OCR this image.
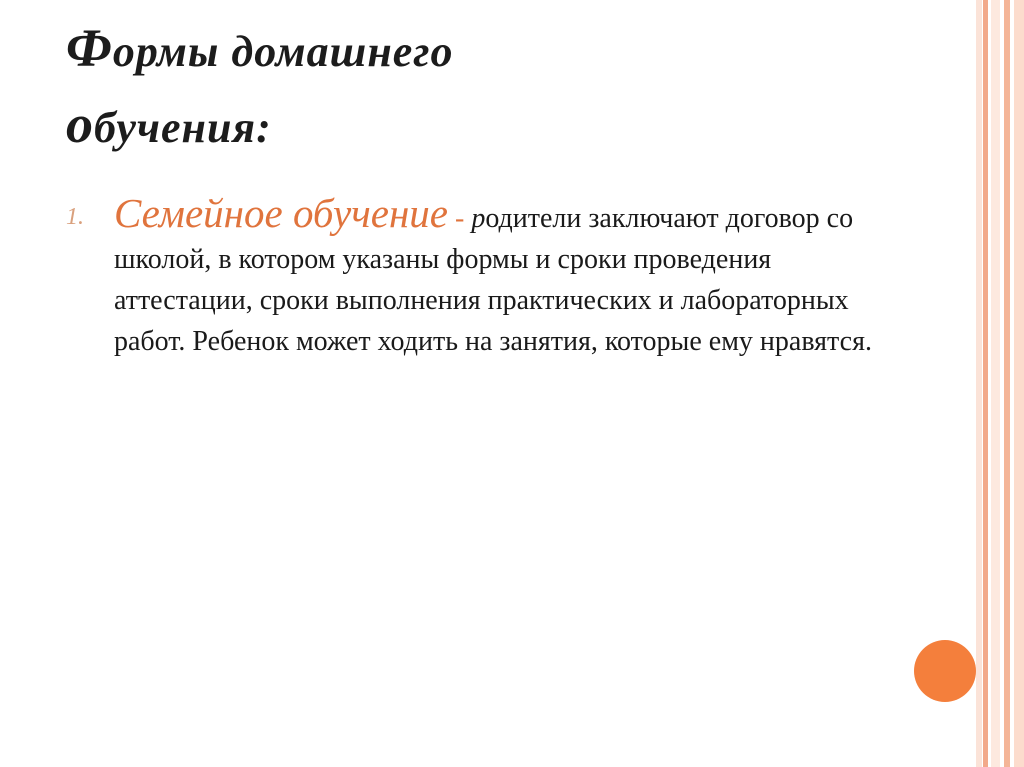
Формы домашнего
обучения:
1. Семейное обучение - родители заключают договор со школой, в котором указаны формы и сроки проведения аттестации, сроки выполнения практических и лабораторных работ. Ребенок может ходить на занятия, которые ему нравятся.
